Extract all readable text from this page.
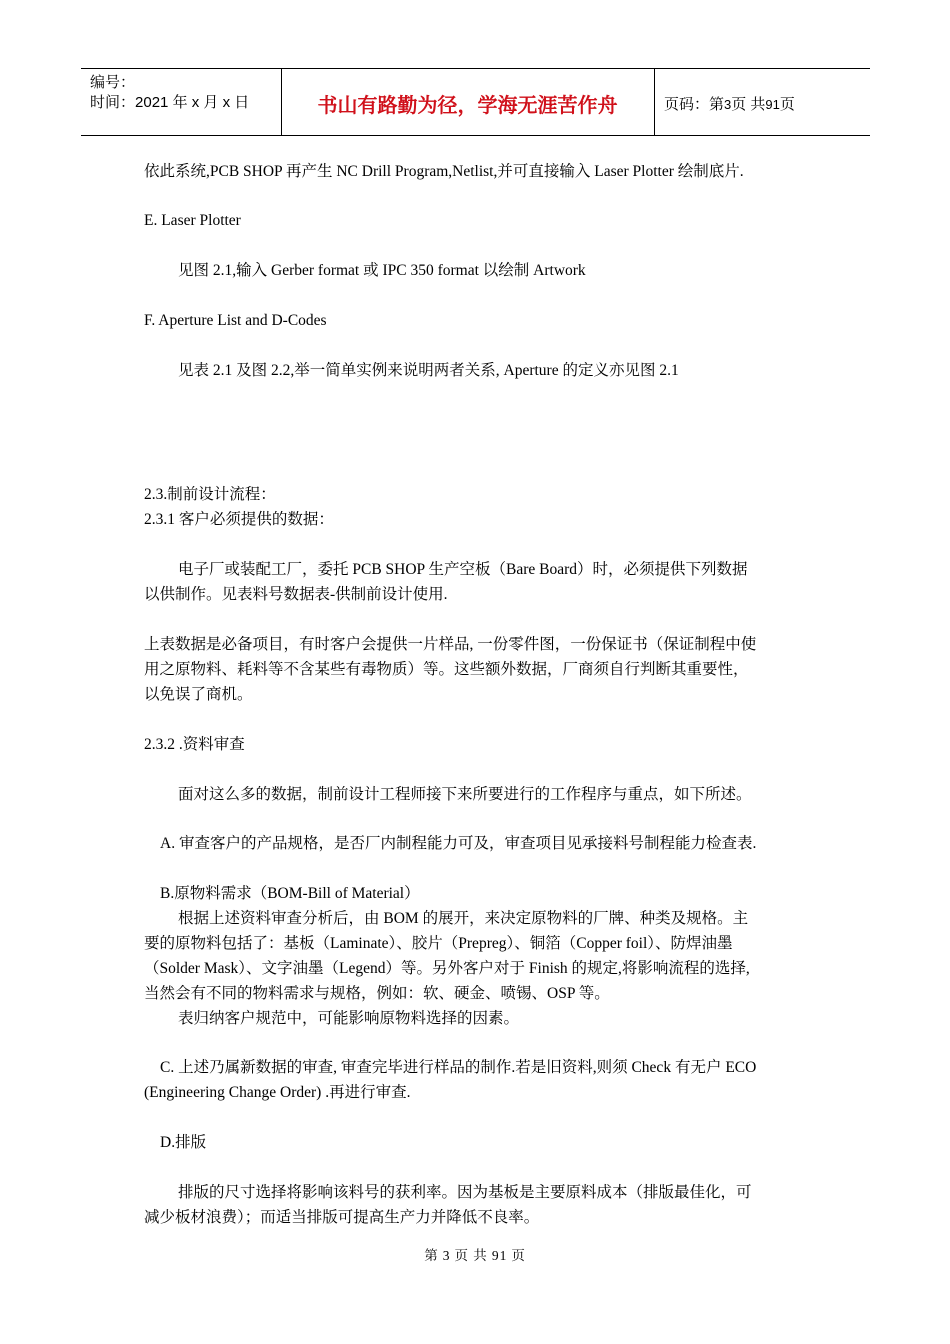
编号：
时间：2021 年 x 月 x 日	书山有路勤为径，学海无涯苦作舟	页码：第3页 共91页
依此系统,PCB SHOP 再产生 NC Drill Program,Netlist,并可直接输入 Laser Plotter 绘制底片.
E. Laser Plotter
见图 2.1,输入 Gerber format 或 IPC 350 format 以绘制 Artwork
F. Aperture List and D-Codes
见表 2.1 及图 2.2,举一简单实例来说明两者关系, Aperture 的定义亦见图 2.1
2.3.制前设计流程：
2.3.1 客户必须提供的数据：
电子厂或装配工厂，委托 PCB SHOP 生产空板（Bare Board）时，必须提供下列数据
以供制作。见表料号数据表-供制前设计使用.
上表数据是必备项目，有时客户会提供一片样品, 一份零件图，一份保证书（保证制程中使
用之原物料、耗料等不含某些有毒物质）等。这些额外数据，厂商须自行判断其重要性，
以免误了商机。
2.3.2 .资料审查
面对这么多的数据，制前设计工程师接下来所要进行的工作程序与重点，如下所述。
A. 审查客户的产品规格，是否厂内制程能力可及，审查项目见承接料号制程能力检查表.
B.原物料需求（BOM-Bill of Material）
根据上述资料审查分析后，由 BOM 的展开，来决定原物料的厂牌、种类及规格。主
要的原物料包括了：基板（Laminate）、胶片（Prepreg）、铜箔（Copper foil）、防焊油墨
（Solder Mask）、文字油墨（Legend）等。另外客户对于 Finish 的规定,将影响流程的选择,
当然会有不同的物料需求与规格，例如：软、硬金、喷锡、OSP 等。
表归纳客户规范中，可能影响原物料选择的因素。
C. 上述乃属新数据的审查, 审查完毕进行样品的制作.若是旧资料,则须 Check 有无户 ECO
(Engineering Change Order) .再进行审查.
D.排版
排版的尺寸选择将影响该料号的获利率。因为基板是主要原料成本（排版最佳化，可
减少板材浪费）；而适当排版可提高生产力并降低不良率。
第 3 页 共 91 页
